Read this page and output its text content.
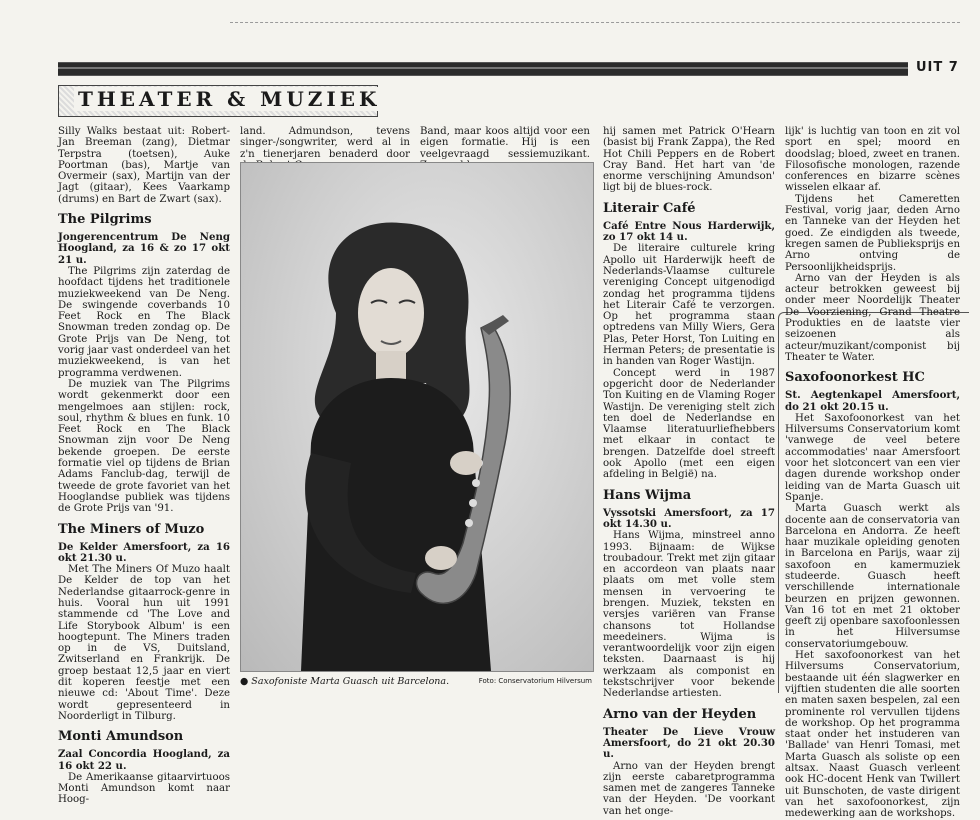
UIT 7
THEATER & MUZIEK

Silly Walks bestaat uit: Robert-Jan Breeman (zang), Dietmar Terpstra (toetsen), Auke Poortman (bas), Martje van Overmeir (sax), Martijn van der Jagt (gitaar), Kees Vaarkamp (drums) en Bart de Zwart (sax).

The Pilgrims

Jongerencentrum De Neng Hoogland, za 16 & zo 17 okt 21 u.

The Pilgrims zijn zaterdag de hoofdact tijdens het traditionele muziekweekend van De Neng. De swingende coverbands 10 Feet Rock en The Black Snowman treden zondag op. De Grote Prijs van De Neng, tot vorig jaar vast onderdeel van het muziekweekend, is van het programma verdwenen.

De muziek van The Pilgrims wordt gekenmerkt door een mengelmoes aan stijlen: rock, soul, rhythm & blues en funk. 10 Feet Rock en The Black Snowman zijn voor De Neng bekende groepen. De eerste formatie viel op tijdens de Brian Adams Fanclub-dag, terwijl de tweede de grote favoriet van het Hooglandse publiek was tijdens de Grote Prijs van '91.

The Miners of Muzo

De Kelder Amersfoort, za 16 okt 21.30 u.

Met The Miners Of Muzo haalt De Kelder de top van het Nederlandse gitaarrock-genre in huis. Vooral hun uit 1991 stammende cd 'The Love and Life Storybook Album' is een hoogtepunt. The Miners traden op in de VS, Duitsland, Zwitserland en Frankrijk. De groep bestaat 12,5 jaar en viert dit koperen feestje met een nieuwe cd: 'About Time'. Deze wordt gepresenteerd in Noorderligt in Tilburg.

Monti Amundson

Zaal Concordia Hoogland, za 16 okt 22 u.

De Amerikaanse gitaarvirtuoos Monti Amundson komt naar Hoog-

land. Admundson, tevens singer-/songwriter, werd al in z'n tienerjaren benaderd door

Band, maar koos altijd voor een eigen formatie. Hij is een veelgevraagd sessiemuzikant.

● Saxofoniste Marta Guasch uit Barcelona.	Foto: Conservatorium Hilversum

hij samen met Patrick O'Hearn (basist bij Frank Zappa), the Red Hot Chili Peppers en de Robert Cray Band. Het hart van 'de enorme verschijning Amundson' ligt bij de blues-rock.

Literair Café

Café Entre Nous Harderwijk, zo 17 okt 14 u.

De literaire culturele kring Apollo uit Harderwijk heeft de Nederlands-Vlaamse culturele vereniging Concept uitgenodigd zondag het programma tijdens het Literair Café te verzorgen. Op het programma staan optredens van Milly Wiers, Gera Plas, Peter Horst, Ton Luiting en Herman Peters; de presentatie is in handen van Roger Wastijn.

Concept werd in 1987 opgericht door de Nederlander Ton Kuiting en de Vlaming Roger Wastijn. De vereniging stelt zich ten doel de Nederlandse en Vlaamse literatuurliefhebbers met elkaar in contact te brengen. Datzelfde doel streeft ook Apollo (met een eigen afdeling in België) na.

Hans Wijma

Vyssotski Amersfoort, za 17 okt 14.30 u.

Hans Wijma, minstreel anno 1993. Bijnaam: de Wijkse troubadour. Trekt met zijn gitaar en accordeon van plaats naar plaats om met volle stem mensen in vervoering te brengen. Muziek, teksten en versjes variëren van Franse chansons tot Hollandse meedeiners. Wijma is verantwoordelijk voor zijn eigen teksten. Daarnaast is hij werkzaam als componist en tekstschrijver voor bekende Nederlandse artiesten.

Arno van der Heyden

Theater De Lieve Vrouw Amersfoort, do 21 okt 20.30 u.

Arno van der Heyden brengt zijn eerste cabaretprogramma samen met de zangeres Tanneke van der Heyden. 'De voorkant van het onge-

lijk' is luchtig van toon en zit vol sport en spel; moord en doodslag; bloed, zweet en tranen. Filosofische monologen, razende conferences en bizarre scènes wisselen elkaar af.

Tijdens het Cameretten Festival, vorig jaar, deden Arno en Tanneke van der Heyden het goed. Ze eindigden als tweede, kregen samen de Publieksprijs en Arno ontving de Persoonlijkheidsprijs.

Arno van der Heyden is als acteur betrokken geweest bij onder meer Noordelijk Theater De Voorziening, Grand Theatre Produkties en de laatste vier seizoenen als acteur/muzikant/componist bij Theater te Water.

Saxofoonorkest HC

St. Aegtenkapel Amersfoort, do 21 okt 20.15 u.

Het Saxofoonorkest van het Hilversums Conservatorium komt 'vanwege de veel betere accommodaties' naar Amersfoort voor het slotconcert van een vier dagen durende workshop onder leiding van de Marta Guasch uit Spanje.

Marta Guasch werkt als docente aan de conservatoria van Barcelona en Andorra. Ze heeft haar muzikale opleiding genoten in Barcelona en Parijs, waar zij saxofoon en kamermuziek studeerde. Guasch heeft verschillende internationale beurzen en prijzen gewonnen. Van 16 tot en met 21 oktober geeft zij openbare saxofoonlessen in het Hilversumse conservatoriumgebouw.

Het saxofoonorkest van het Hilversums Conservatorium, bestaande uit één slagwerker en vijftien studenten die alle soorten en maten saxen bespelen, zal een prominente rol vervullen tijdens de workshop. Op het programma staat onder het instuderen van 'Ballade' van Henri Tomasi, met Marta Guasch als soliste op een altsax. Naast Guasch verleent ook HC-docent Henk van Twillert uit Bunschoten, de vaste dirigent van het saxofoonorkest, zijn medewerking aan de workshops.
